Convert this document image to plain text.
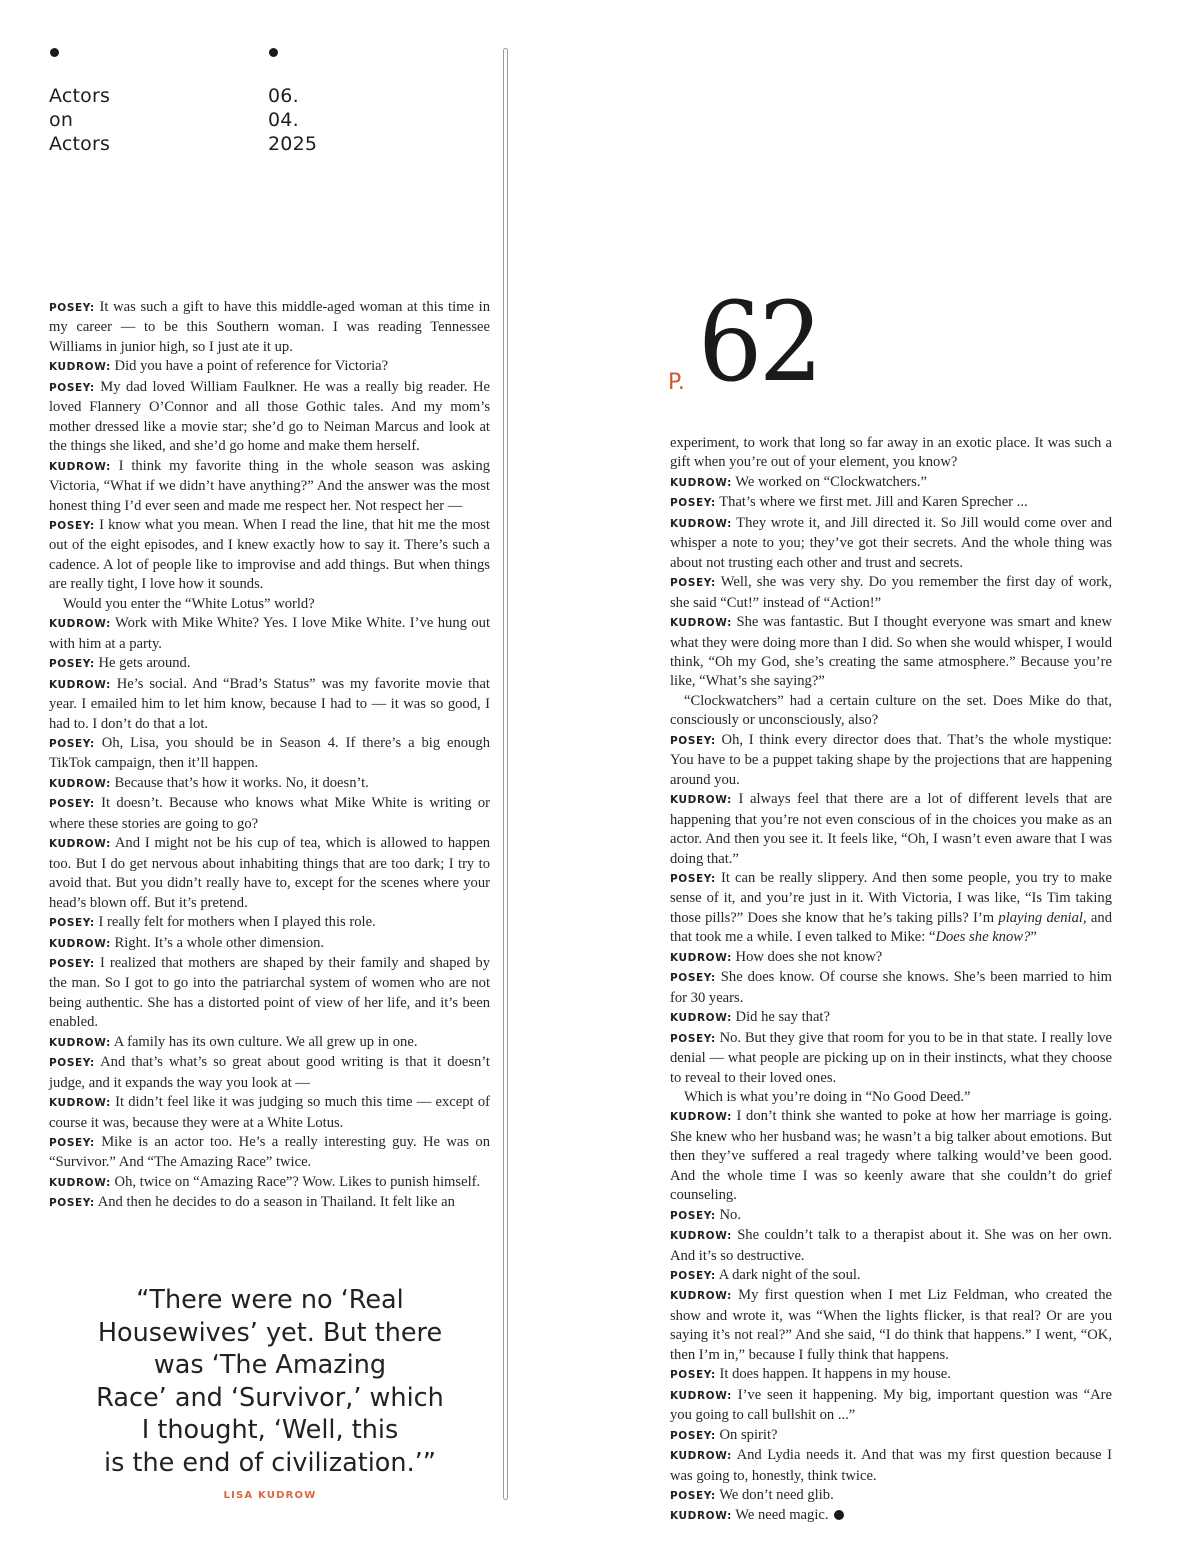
Actors
on
Actors
06.
04.
2025

POSEY: It was such a gift to have this middle-aged woman at this time in my career — to be this Southern woman. I was reading Tennessee Williams in junior high, so I just ate it up.

KUDROW: Did you have a point of reference for Victoria?

POSEY: My dad loved William Faulkner. He was a really big reader. He loved Flannery O’Connor and all those Gothic tales. And my mom’s mother dressed like a movie star; she’d go to Neiman Marcus and look at the things she liked, and she’d go home and make them herself.

KUDROW: I think my favorite thing in the whole season was asking Victoria, “What if we didn’t have anything?” And the answer was the most honest thing I’d ever seen and made me respect her. Not respect her —

POSEY: I know what you mean. When I read the line, that hit me the most out of the eight episodes, and I knew exactly how to say it. There’s such a cadence. A lot of people like to improvise and add things. But when things are really tight, I love how it sounds.

Would you enter the “White Lotus” world?

KUDROW: Work with Mike White? Yes. I love Mike White. I’ve hung out with him at a party.

POSEY: He gets around.

KUDROW: He’s social. And “Brad’s Status” was my favorite movie that year. I emailed him to let him know, because I had to — it was so good, I had to. I don’t do that a lot.

POSEY: Oh, Lisa, you should be in Season 4. If there’s a big enough TikTok campaign, then it’ll happen.

KUDROW: Because that’s how it works. No, it doesn’t.

POSEY: It doesn’t. Because who knows what Mike White is writing or where these stories are going to go?

KUDROW: And I might not be his cup of tea, which is allowed to happen too. But I do get nervous about inhabiting things that are too dark; I try to avoid that. But you didn’t really have to, except for the scenes where your head’s blown off. But it’s pretend.

POSEY: I really felt for mothers when I played this role.

KUDROW: Right. It’s a whole other dimension.

POSEY: I realized that mothers are shaped by their family and shaped by the man. So I got to go into the patriarchal system of women who are not being authentic. She has a distorted point of view of her life, and it’s been enabled.

KUDROW: A family has its own culture. We all grew up in one.

POSEY: And that’s what’s so great about good writing is that it doesn’t judge, and it expands the way you look at —

KUDROW: It didn’t feel like it was judging so much this time — except of course it was, because they were at a White Lotus.

POSEY: Mike is an actor too. He’s a really interesting guy. He was on “Survivor.” And “The Amazing Race” twice.

KUDROW: Oh, twice on “Amazing Race”? Wow. Likes to punish himself.

POSEY: And then he decides to do a season in Thailand. It felt like an

P. 62

experiment, to work that long so far away in an exotic place. It was such a gift when you’re out of your element, you know?

KUDROW: We worked on “Clockwatchers.”

POSEY: That’s where we first met. Jill and Karen Sprecher ...

KUDROW: They wrote it, and Jill directed it. So Jill would come over and whisper a note to you; they’ve got their secrets. And the whole thing was about not trusting each other and trust and secrets.

POSEY: Well, she was very shy. Do you remember the first day of work, she said “Cut!” instead of “Action!”

KUDROW: She was fantastic. But I thought everyone was smart and knew what they were doing more than I did. So when she would whisper, I would think, “Oh my God, she’s creating the same atmosphere.” Because you’re like, “What’s she saying?”

“Clockwatchers” had a certain culture on the set. Does Mike do that, consciously or unconsciously, also?

POSEY: Oh, I think every director does that. That’s the whole mystique: You have to be a puppet taking shape by the projections that are happening around you.

KUDROW: I always feel that there are a lot of different levels that are happening that you’re not even conscious of in the choices you make as an actor. And then you see it. It feels like, “Oh, I wasn’t even aware that I was doing that.”

POSEY: It can be really slippery. And then some people, you try to make sense of it, and you’re just in it. With Victoria, I was like, “Is Tim taking those pills?” Does she know that he’s taking pills? I’m playing denial, and that took me a while. I even talked to Mike: “Does she know?”

KUDROW: How does she not know?

POSEY: She does know. Of course she knows. She’s been married to him for 30 years.

KUDROW: Did he say that?

POSEY: No. But they give that room for you to be in that state. I really love denial — what people are picking up on in their instincts, what they choose to reveal to their loved ones.

Which is what you’re doing in “No Good Deed.”

KUDROW: I don’t think she wanted to poke at how her marriage is going. She knew who her husband was; he wasn’t a big talker about emotions. But then they’ve suffered a real tragedy where talking would’ve been good. And the whole time I was so keenly aware that she couldn’t do grief counseling.

POSEY: No.

KUDROW: She couldn’t talk to a therapist about it. She was on her own. And it’s so destructive.

POSEY: A dark night of the soul.

KUDROW: My first question when I met Liz Feldman, who created the show and wrote it, was “When the lights flicker, is that real? Or are you saying it’s not real?” And she said, “I do think that happens.” I went, “OK, then I’m in,” because I fully think that happens.

POSEY: It does happen. It happens in my house.

KUDROW: I’ve seen it happening. My big, important question was “Are you going to call bullshit on ...”

POSEY: On spirit?

KUDROW: And Lydia needs it. And that was my first question because I was going to, honestly, think twice.

POSEY: We don’t need glib.

KUDROW: We need magic.

“There were no ‘Real
Housewives’ yet. But there
was ‘The Amazing
Race’ and ‘Survivor,’ which
I thought, ‘Well, this
is the end of civilization.’”
LISA KUDROW
